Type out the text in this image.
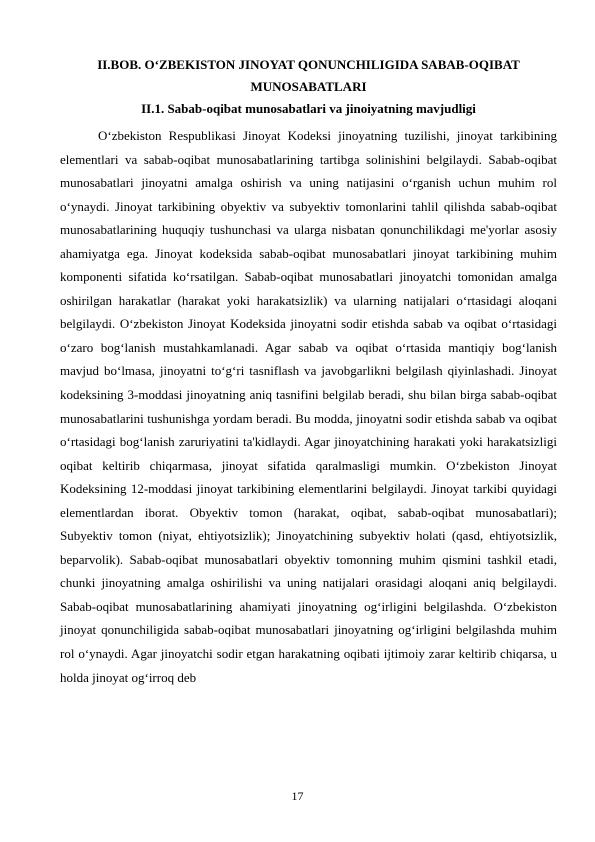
II.BOB. O‘ZBEKISTON JINOYAT QONUNCHILIGIDA SABAB-OQIBAT MUNOSABATLARI
II.1. Sabab-oqibat munosabatlari va jinoiyatning mavjudligi

O‘zbekiston Respublikasi Jinoyat Kodeksi jinoyatning tuzilishi, jinoyat tarkibining elementlari va sabab-oqibat munosabatlarining tartibga solinishini belgilaydi. Sabab-oqibat munosabatlari jinoyatni amalga oshirish va uning natijasini o‘rganish uchun muhim rol o‘ynaydi. Jinoyat tarkibining obyektiv va subyektiv tomonlarini tahlil qilishda sabab-oqibat munosabatlarining huquqiy tushunchasi va ularga nisbatan qonunchilikdagi me'yorlar asosiy ahamiyatga ega. Jinoyat kodeksida sabab-oqibat munosabatlari jinoyat tarkibining muhim komponenti sifatida ko‘rsatilgan. Sabab-oqibat munosabatlari jinoyatchi tomonidan amalga oshirilgan harakatlar (harakat yoki harakatsizlik) va ularning natijalari o‘rtasidagi aloqani belgilaydi. O‘zbekiston Jinoyat Kodeksida jinoyatni sodir etishda sabab va oqibat o‘rtasidagi o‘zaro bog‘lanish mustahkamlanadi. Agar sabab va oqibat o‘rtasida mantiqiy bog‘lanish mavjud bo‘lmasa, jinoyatni to‘g‘ri tasniflash va javobgarlikni belgilash qiyinlashadi. Jinoyat kodeksining 3-moddasi jinoyatning aniq tasnifini belgilab beradi, shu bilan birga sabab-oqibat munosabatlarini tushunishga yordam beradi. Bu modda, jinoyatni sodir etishda sabab va oqibat o‘rtasidagi bog‘lanish zaruriyatini ta'kidlaydi. Agar jinoyatchining harakati yoki harakatsizligi oqibat keltirib chiqarmasa, jinoyat sifatida qaralmasligi mumkin. O‘zbekiston Jinoyat Kodeksining 12-moddasi jinoyat tarkibining elementlarini belgilaydi. Jinoyat tarkibi quyidagi elementlardan iborat. Obyektiv tomon (harakat, oqibat, sabab-oqibat munosabatlari); Subyektiv tomon (niyat, ehtiyotsizlik); Jinoyatchining subyektiv holati (qasd, ehtiyotsizlik, beparvolik). Sabab-oqibat munosabatlari obyektiv tomonning muhim qismini tashkil etadi, chunki jinoyatning amalga oshirilishi va uning natijalari orasidagi aloqani aniq belgilaydi. Sabab-oqibat munosabatlarining ahamiyati jinoyatning og‘irligini belgilashda. O‘zbekiston jinoyat qonunchiligida sabab-oqibat munosabatlari jinoyatning og‘irligini belgilashda muhim rol o‘ynaydi. Agar jinoyatchi sodir etgan harakatning oqibati ijtimoiy zarar keltirib chiqarsa, u holda jinoyat og‘irroq deb

17
